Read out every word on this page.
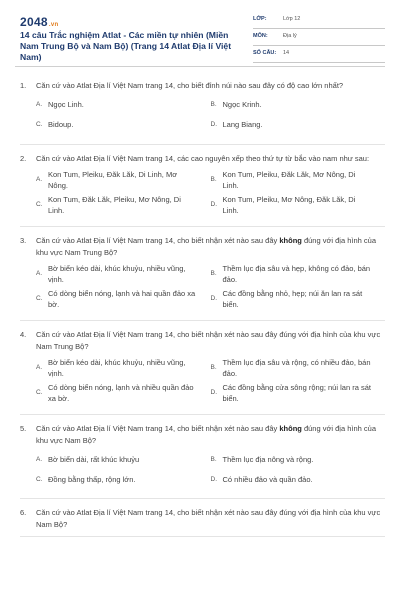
2048.vn
14 câu Trắc nghiệm Atlat - Các miền tự nhiên (Miền Nam Trung Bộ và Nam Bộ) (Trang 14 Atlat Địa lí Việt Nam)
LỚP:	Lớp 12
MÔN:	Địa lý
SỐ CÂU: 14
1.	Căn cứ vào Atlat Địa lí Việt Nam trang 14, cho biết đỉnh núi nào sau đây có độ cao lớn nhất?
A. Ngọc Linh.	B. Ngọc Krinh.
C. Bidoup.	D. Lang Biang.
2.	Căn cứ vào Atlat Địa lí Việt Nam trang 14, các cao nguyên xếp theo thứ tự từ bắc vào nam như sau:
A.
Kon Tum, Pleiku, Đăk Lăk, Di Linh, Mơ Nông.
B.
Kon Tum, Pleiku, Đăk Lăk, Mơ Nông, Di Linh.
C.
Kon Tum, Đăk Lăk, Pleiku, Mơ Nông, Di Linh.
D.
Kon Tum, Pleiku, Mơ Nông, Đăk Lăk, Di Linh.
3.	Căn cứ vào Atlat Địa lí Việt Nam trang 14, cho biết nhận xét nào sau đây không đúng với địa hình của khu vực Nam Trung Bộ?
A.
Bờ biển kéo dài, khúc khuỷu, nhiều vũng, vịnh.
B.
Thềm lục địa sâu và hẹp, không có đảo, bán đảo.
C.
Có dòng biển nóng, lạnh và hai quần đảo xa bờ.
D.
Các đồng bằng nhỏ, hẹp; núi ăn lan ra sát biển.
4.	Căn cứ vào Atlat Địa lí Việt Nam trang 14, cho biết nhận xét nào sau đây đúng với địa hình của khu vực Nam Trung Bộ?
A.
Bờ biển kéo dài, khúc khuỷu, nhiều vũng, vịnh.
B.
Thềm lục địa sâu và rộng, có nhiều đảo, bán đảo.
C.
Có dòng biển nóng, lạnh và nhiều quần đảo xa bờ.
D.
Các đồng bằng cửa sông rộng; núi lan ra sát biển.
5.	Căn cứ vào Atlat Địa lí Việt Nam trang 14, cho biết nhận xét nào sau đây không đúng với địa hình của khu vực Nam Bộ?
A. Bờ biển dài, rất khúc khuỷu	B. Thềm lục địa nông và rộng.
C. Đồng bằng thấp, rộng lớn.	D. Có nhiều đảo và quần đảo.
6.	Căn cứ vào Atlat Địa lí Việt Nam trang 14, cho biết nhận xét nào sau đây đúng với địa hình của khu vực Nam Bộ?
